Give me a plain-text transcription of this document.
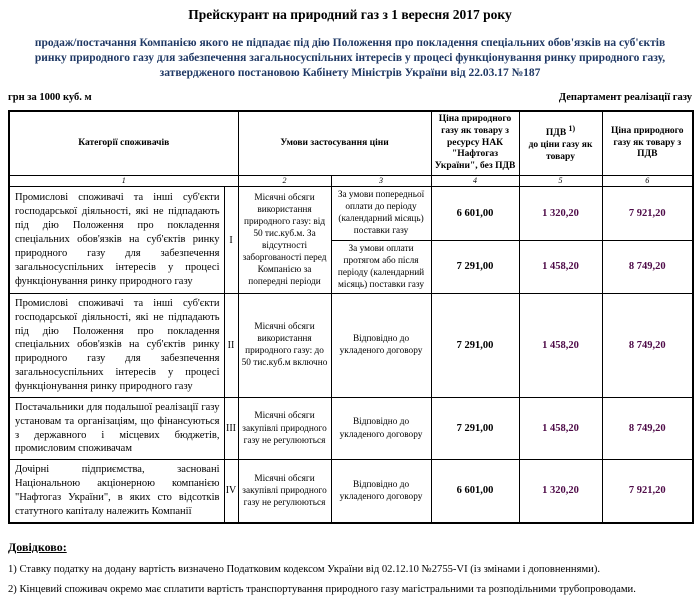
Прейскурант на природний газ з 1 вересня 2017 року
продаж/постачання Компанією якого не підпадає під дію Положення про покладення спеціальних обов'язків на суб'єктів ринку природного газу для забезпечення загальносуспільних інтересів у процесі функціонування ринку природного газу, затвердженого постановою Кабінету Міністрів України від 22.03.17 №187
грн за 1000 куб. м	Департамент реалізації газу
Категорії споживачів		Умови застосування ціни		Ціна природного газу як товару з ресурсу НАК "Нафтогаз України", без ПДВ	ПДВ $^{1)}$
до ціни газу як товару	Ціна природного газу як товару з ПДВ
1		2	3	4	5	6
Промислові споживачі та інші суб'єкти господарської діяльності, які не підпадають під дію Положення про покладення спеціальних обов'язків на суб'єктів ринку природного газу для забезпечення загальносуспільних інтересів у процесі функціонування ринку природного газу	I	Місячні обсяги використання природного газу: від 50 тис.куб.м. За відсутності заборгованості перед Компанією за попередні періоди	За умови попередньої оплати до періоду (календарний місяць) поставки газу	6 601,00	1 320,20	7 921,20
			За умови оплати протягом або після періоду (календарний місяць) поставки газу	7 291,00	1 458,20	8 749,20
Промислові споживачі та інші суб'єкти господарської діяльності, які не підпадають під дію Положення про покладення спеціальних обов'язків на суб'єктів ринку природного газу для забезпечення загальносуспільних інтересів у процесі функціонування ринку природного газу	II	Місячні обсяги використання природного газу: до 50 тис.куб.м включно	Відповідно до укладеного договору	7 291,00	1 458,20	8 749,20
Постачальники для подальшої реалізації газу установам та організаціям, що фінансуються з державного і місцевих бюджетів, промисловим споживачам	III	Місячні обсяги закупівлі природного газу не регулюються	Відповідно до укладеного договору	7 291,00	1 458,20	8 749,20
Дочірні підприємства, засновані Національною акціонерною компанією "Нафтогаз України", в яких сто відсотків статутного капіталу належить Компанії	IV	Місячні обсяги закупівлі природного газу не регулюються	Відповідно до укладеного договору	6 601,00	1 320,20	7 921,20
Довідково:
1) Ставку податку на додану вартість визначено Податковим кодексом України від 02.12.10 №2755-VI (із змінами і доповненнями).
2) Кінцевий споживач окремо має сплатити вартість транспортування природного газу магістральними та розподільними трубопроводами.
